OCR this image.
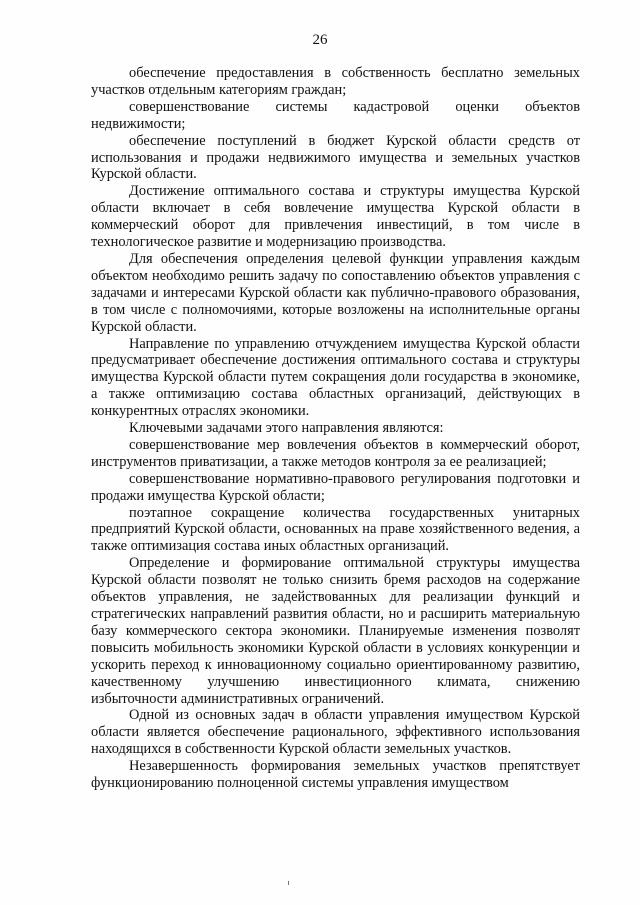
26

обеспечение предоставления в собственность бесплатно земельных участков отдельным категориям граждан;

совершенствование системы кадастровой оценки объектов недвижимости;

обеспечение поступлений в бюджет Курской области средств от использования и продажи недвижимого имущества и земельных участков Курской области.

Достижение оптимального состава и структуры имущества Курской области включает в себя вовлечение имущества Курской области в коммерческий оборот для привлечения инвестиций, в том числе в технологическое развитие и модернизацию производства.

Для обеспечения определения целевой функции управления каждым объектом необходимо решить задачу по сопоставлению объектов управления с задачами и интересами Курской области как публично-правового образования, в том числе с полномочиями, которые возложены на исполнительные органы Курской области.

Направление по управлению отчуждением имущества Курской области предусматривает обеспечение достижения оптимального состава и структуры имущества Курской области путем сокращения доли государства в экономике, а также оптимизацию состава областных организаций, действующих в конкурентных отраслях экономики.

Ключевыми задачами этого направления являются:

совершенствование мер вовлечения объектов в коммерческий оборот, инструментов приватизации, а также методов контроля за ее реализацией;

совершенствование нормативно-правового регулирования подготовки и продажи имущества Курской области;

поэтапное сокращение количества государственных унитарных предприятий Курской области, основанных на праве хозяйственного ведения, а также оптимизация состава иных областных организаций.

Определение и формирование оптимальной структуры имущества Курской области позволят не только снизить бремя расходов на содержание объектов управления, не задействованных для реализации функций и стратегических направлений развития области, но и расширить материальную базу коммерческого сектора экономики. Планируемые изменения позволят повысить мобильность экономики Курской области в условиях конкуренции и ускорить переход к инновационному социально ориентированному развитию, качественному улучшению инвестиционного климата, снижению избыточности административных ограничений.

Одной из основных задач в области управления имуществом Курской области является обеспечение рационального, эффективного использования находящихся в собственности Курской области земельных участков.

Незавершенность формирования земельных участков препятствует функционированию полноценной системы управления имуществом
